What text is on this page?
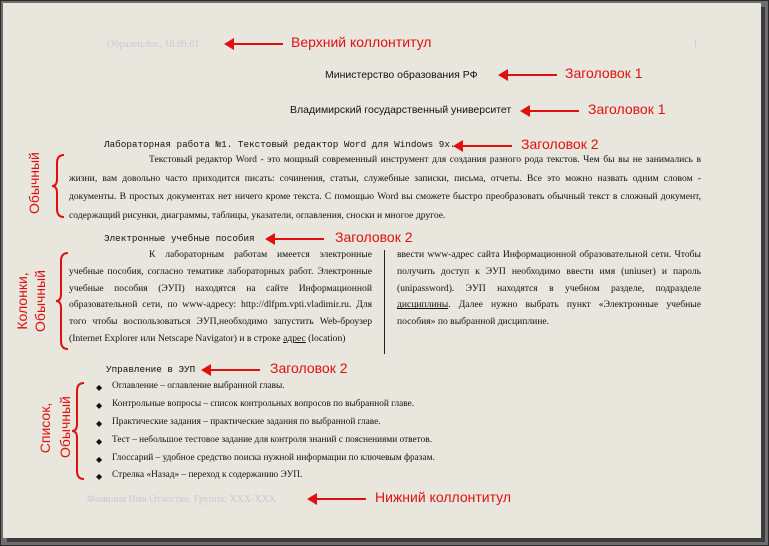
Образец.doc, 18.09.01	1
Министерство образования РФ
Владимирский государственный университет
Лабораторная работа №1. Текстовый редактор Word для Windows 9x.
Текстовый редактор Word - это мощный современный инструмент для создания разного рода текстов. Чем бы вы не занимались в жизни, вам довольно часто приходится писать: сочинения, статьи, служебные записки, письма, отчеты. Все это можно назвать одним словом - документы. В простых документах нет ничего кроме текста. С помощью Word вы сможете быстро преобразовать обычный текст в сложный документ, содержащий рисунки, диаграммы, таблицы, указатели, оглавления, сноски и многое другое.
Электронные учебные пособия
К лабораторным работам имеется электронные учебные пособия, согласно тематике лабораторных работ. Электронные учебные пособия (ЭУП) находятся на сайте Информационной образовательной сети, по www-адресу: http://dlfpm.vpti.vladimir.ru. Для того чтобы воспользоваться ЭУП,необходимо запустить Web-броузер (Internet Explorer или Netscape Navigator) и в строке адрес (location)
ввести www-адрес сайта Информационной образовательной сети. Чтобы получить доступ к ЭУП необходимо ввести имя (uniuser) и пароль (unipassword). ЭУП находятся в учебном разделе, подразделе дисциплины. Далее нужно выбрать пункт «Электронные учебные пособия» по выбранной дисциплине.
Управление в ЭУП
◆ Оглавление – оглавление выбранной главы.
◆ Контрольные вопросы – список контрольных вопросов по выбранной главе.
◆ Практические задания – практические задания по выбранной главе.
◆ Тест – небольшое тестовое задание для контроля знаний с пояснениями ответов.
◆ Глоссарий – удобное средство поиска нужной информации по ключевым фразам.
◆ Стрелка «Назад» – переход к содержанию ЭУП.
Фамилия Имя Отчество, Группа: XXX-XXX
Верхний коллонтитул
Заголовок 1
Заголовок 1
Заголовок 2
Заголовок 2
Заголовок 2
Нижний коллонтитул
Обычный
Колонки, Обычный
Список, Обычный
